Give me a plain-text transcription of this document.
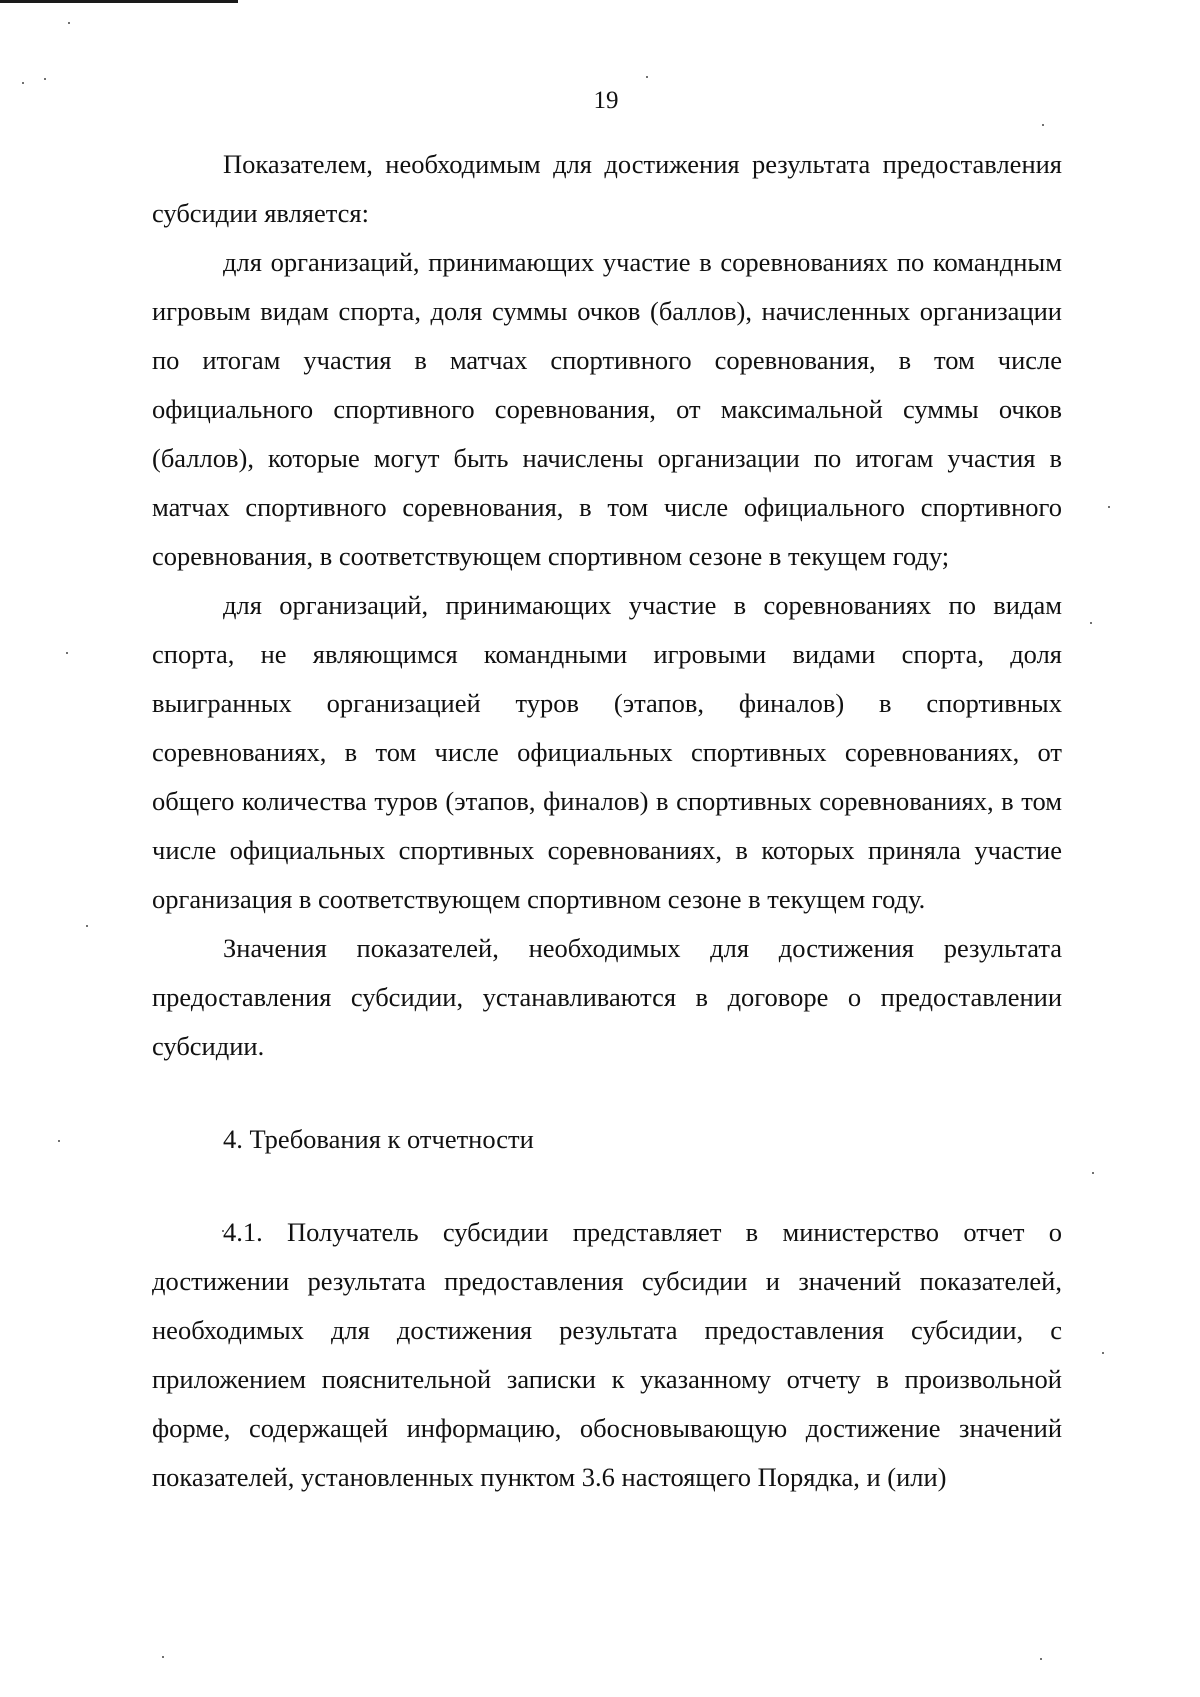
19

Показателем, необходимым для достижения результата предоставления субсидии является:

для организаций, принимающих участие в соревнованиях по командным игровым видам спорта, доля суммы очков (баллов), начисленных организации по итогам участия в матчах спортивного соревнования, в том числе официального спортивного соревнования, от максимальной суммы очков (баллов), которые могут быть начислены организации по итогам участия в матчах спортивного соревнования, в том числе официального спортивного соревнования, в соответствующем спортивном сезоне в текущем году;

для организаций, принимающих участие в соревнованиях по видам спорта, не являющимся командными игровыми видами спорта, доля выигранных организацией туров (этапов, финалов) в спортивных соревнованиях, в том числе официальных спортивных соревнованиях, от общего количества туров (этапов, финалов) в спортивных соревнованиях, в том числе официальных спортивных соревнованиях, в которых приняла участие организация в соответствующем спортивном сезоне в текущем году.

Значения показателей, необходимых для достижения результата предоставления субсидии, устанавливаются в договоре о предоставлении субсидии.

4. Требования к отчетности

4.1. Получатель субсидии представляет в министерство отчет о достижении результата предоставления субсидии и значений показателей, необходимых для достижения результата предоставления субсидии, с приложением пояснительной записки к указанному отчету в произвольной форме, содержащей информацию, обосновывающую достижение значений показателей, установленных пунктом 3.6 настоящего Порядка, и (или)
